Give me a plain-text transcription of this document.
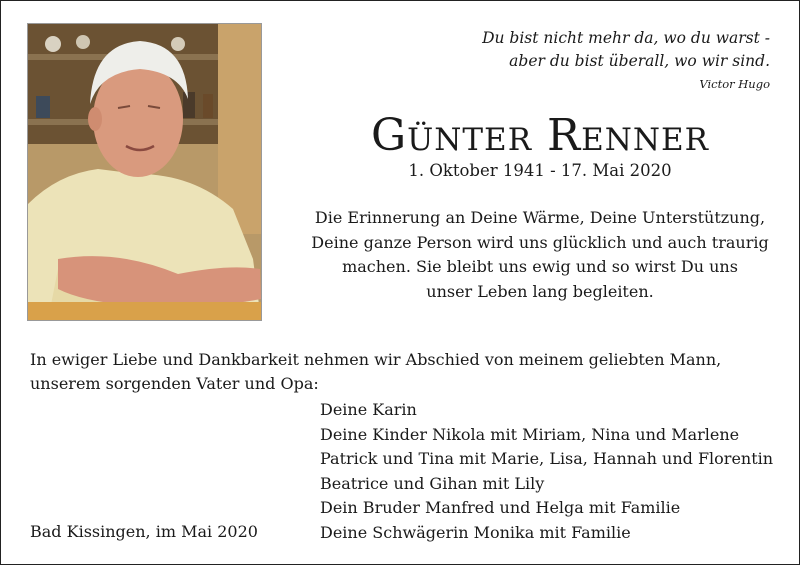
Du bist nicht mehr da, wo du warst -
aber du bist überall, wo wir sind.
Victor Hugo
Günter Renner
1. Oktober 1941 - 17. Mai 2020
Die Erinnerung an Deine Wärme, Deine Unterstützung,
Deine ganze Person wird uns glücklich und auch traurig
machen. Sie bleibt uns ewig und so wirst Du uns
unser Leben lang begleiten.
In ewiger Liebe und Dankbarkeit nehmen wir Abschied von meinem geliebten Mann,
unserem sorgenden Vater und Opa:
Deine Karin
Deine Kinder Nikola mit Miriam, Nina und Marlene
Patrick und Tina mit Marie, Lisa, Hannah und Florentin
Beatrice und Gihan mit Lily
Dein Bruder Manfred und Helga mit Familie
Deine Schwägerin Monika mit Familie
Bad Kissingen, im Mai 2020
